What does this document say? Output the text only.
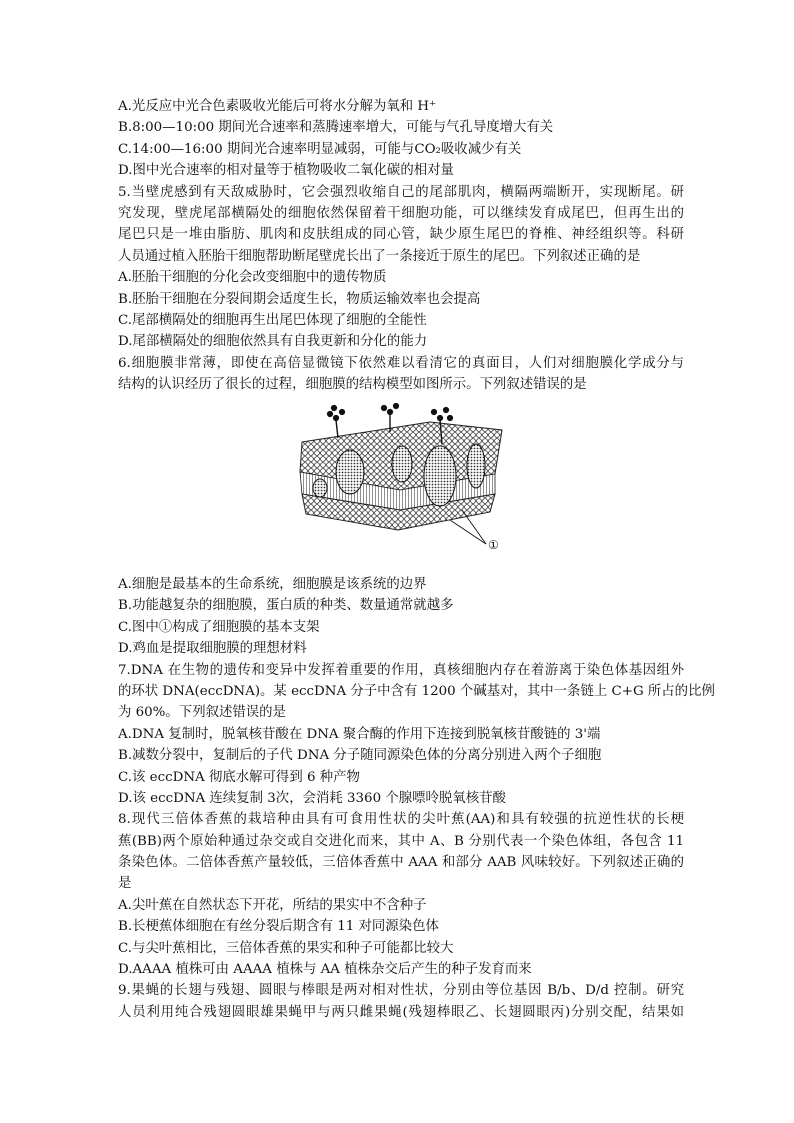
A.光反应中光合色素吸收光能后可将水分解为氧和 H⁺
B.8:00—10:00 期间光合速率和蒸腾速率增大，可能与气孔导度增大有关
C.14:00—16:00 期间光合速率明显减弱，可能与CO₂吸收减少有关
D.图中光合速率的相对量等于植物吸收二氧化碳的相对量
5.当壁虎感到有天敌威胁时，它会强烈收缩自己的尾部肌肉，横隔两端断开，实现断尾。研
究发现，壁虎尾部横隔处的细胞依然保留着干细胞功能，可以继续发育成尾巴，但再生出的
尾巴只是一堆由脂肪、肌肉和皮肤组成的同心管，缺少原生尾巴的脊椎、神经组织等。科研
人员通过植入胚胎干细胞帮助断尾壁虎长出了一条接近于原生的尾巴。下列叙述正确的是
A.胚胎干细胞的分化会改变细胞中的遗传物质
B.胚胎干细胞在分裂间期会适度生长，物质运输效率也会提高
C.尾部横隔处的细胞再生出尾巴体现了细胞的全能性
D.尾部横隔处的细胞依然具有自我更新和分化的能力
6.细胞膜非常薄，即使在高倍显微镜下依然难以看清它的真面目，人们对细胞膜化学成分与
结构的认识经历了很长的过程，细胞膜的结构模型如图所示。下列叙述错误的是
①
A.细胞是最基本的生命系统，细胞膜是该系统的边界
B.功能越复杂的细胞膜，蛋白质的种类、数量通常就越多
C.图中①构成了细胞膜的基本支架
D.鸡血是提取细胞膜的理想材料
7.DNA 在生物的遗传和变异中发挥着重要的作用，真核细胞内存在着游离于染色体基因组外
的环状 DNA(eccDNA)。某 eccDNA 分子中含有 1200 个碱基对，其中一条链上 C+G 所占的比例
为 60%。下列叙述错误的是
A.DNA 复制时，脱氧核苷酸在 DNA 聚合酶的作用下连接到脱氧核苷酸链的 3'端
B.减数分裂中，复制后的子代 DNA 分子随同源染色体的分离分别进入两个子细胞
C.该 eccDNA 彻底水解可得到 6 种产物
D.该 eccDNA 连续复制 3次，会消耗 3360 个腺嘌呤脱氧核苷酸
8.现代三倍体香蕉的栽培种由具有可食用性状的尖叶蕉(AA)和具有较强的抗逆性状的长梗
蕉(BB)两个原始种通过杂交或自交进化而来，其中 A、B 分别代表一个染色体组，各包含 11
条染色体。二倍体香蕉产量较低，三倍体香蕉中 AAA 和部分 AAB 风味较好。下列叙述正确的
是
A.尖叶蕉在自然状态下开花，所结的果实中不含种子
B.长梗蕉体细胞在有丝分裂后期含有 11 对同源染色体
C.与尖叶蕉相比，三倍体香蕉的果实和种子可能都比较大
D.AAAA 植株可由 AAAA 植株与 AA 植株杂交后产生的种子发育而来
9.果蝇的长翅与残翅、圆眼与棒眼是两对相对性状，分别由等位基因 B/b、D/d 控制。研究
人员利用纯合残翅圆眼雄果蝇甲与两只雌果蝇(残翅棒眼乙、长翅圆眼丙)分别交配，结果如
